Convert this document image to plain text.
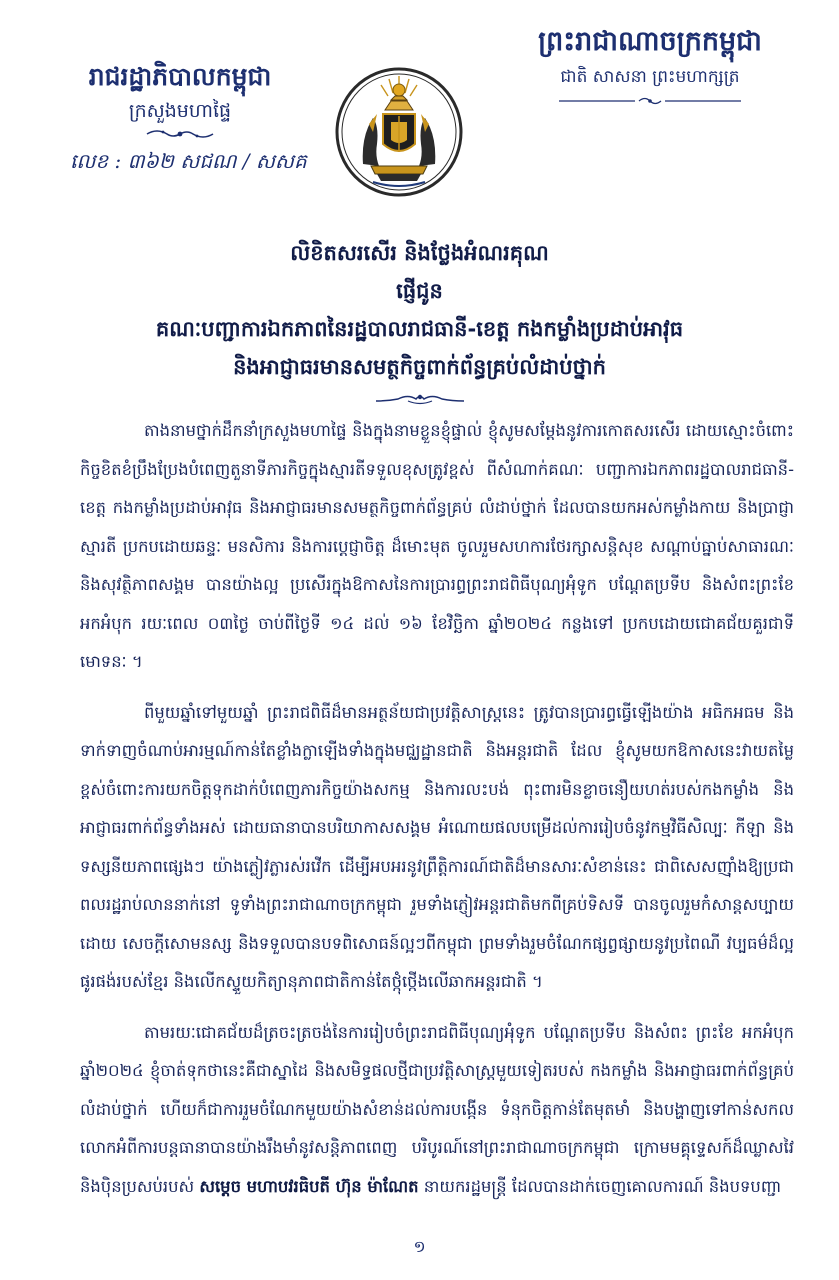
រាជរដ្ឋាភិបាលកម្ពុជា
ក្រសួងមហាផ្ទៃ
លេខ : ៣៦២ សជណ / សសគ
ព្រះរាជាណាចក្រកម្ពុជា
ជាតិ សាសនា ព្រះមហាក្សត្រ
លិខិតសរសើរ និងថ្លែងអំណរគុណ
ផ្ញើជូន
គណៈបញ្ជាការឯកភាពនៃរដ្ឋបាលរាជធានី-ខេត្ត កងកម្លាំងប្រដាប់អាវុធ
និងអាជ្ញាធរមានសមត្ថកិច្ចពាក់ព័ន្ធគ្រប់លំដាប់ថ្នាក់

តាងនាមថ្នាក់ដឹកនាំក្រសួងមហាផ្ទៃ និងក្នុងនាមខ្លួនខ្ញុំផ្ទាល់ ខ្ញុំសូមសម្ដែងនូវការកោតសរសើរ ដោយស្មោះចំពោះកិច្ចខិតខំប្រឹងប្រែងបំពេញតួនាទីភារកិច្ចក្នុងស្មារតីទទួលខុសត្រូវខ្ពស់ ពីសំណាក់គណៈ បញ្ជាការឯកភាពរដ្ឋបាលរាជធានី-ខេត្ត កងកម្លាំងប្រដាប់អាវុធ និងអាជ្ញាធរមានសមត្ថកិច្ចពាក់ព័ន្ធគ្រប់ លំដាប់ថ្នាក់ ដែលបានយកអស់កម្លាំងកាយ និងប្រាជ្ញាស្មារតី ប្រកបដោយឆន្ទៈ មនសិការ និងការប្ដេជ្ញាចិត្ត ដ៏មោះមុត ចូលរួមសហការថែរក្សាសន្តិសុខ សណ្ដាប់ធ្នាប់សាធារណៈ និងសុវត្ថិភាពសង្គម បានយ៉ាងល្អ ប្រសើរក្នុងឱកាសនៃការប្រារព្ធព្រះរាជពិធីបុណ្យអុំទូក បណ្ដែតប្រទីប និងសំពះព្រះខែ អកអំបុក រយៈពេល ០៣ថ្ងៃ ចាប់ពីថ្ងៃទី ១៤ ដល់ ១៦ ខែវិច្ឆិកា ឆ្នាំ២០២៤ កន្លងទៅ ប្រកបដោយជោគជ័យគួរជាទីមោទនៈ ។

ពីមួយឆ្នាំទៅមួយឆ្នាំ ព្រះរាជពិធីដ៏មានអត្ថន័យជាប្រវត្តិសាស្ត្រនេះ ត្រូវបានប្រារព្ធធ្វើឡើងយ៉ាង អធិកអធម និងទាក់ទាញចំណាប់អារម្មណ៍កាន់តែខ្លាំងក្លាឡើងទាំងក្នុងមជ្ឈដ្ឋានជាតិ និងអន្តរជាតិ ដែល ខ្ញុំសូមយកឱកាសនេះវាយតម្លៃខ្ពស់ចំពោះការយកចិត្តទុកដាក់បំពេញភារកិច្ចយ៉ាងសកម្ម និងការលះបង់ ពុះពារមិនខ្លាចនឿយហត់របស់កងកម្លាំង និងអាជ្ញាធរពាក់ព័ន្ធទាំងអស់ ដោយធានាបានបរិយាកាសសង្គម អំណោយផលបម្រើដល់ការរៀបចំនូវកម្មវិធីសិល្បៈ កីឡា និងទស្សនីយភាពផ្សេងៗ យ៉ាងភ្លៀវភ្លា​រស់រវើក ដើម្បីអបអរនូវព្រឹត្តិការណ៍ជាតិដ៏មានសារៈសំខាន់នេះ ជាពិសេសញ៉ាំងឱ្យប្រជាពលរដ្ឋរាប់លាននាក់នៅ ទូទាំងព្រះរាជាណាចក្រកម្ពុជា រួមទាំងភ្ញៀវអន្តរជាតិមកពីគ្រប់ទិសទី បានចូលរួមកំសាន្តសប្បាយដោយ សេចក្ដីសោមនស្ស និងទទួលបានបទពិសោធន៍ល្អៗពីកម្ពុជា ព្រមទាំងរួមចំណែកផ្សព្វផ្សាយនូវប្រពៃណី វប្បធម៌ដ៏ល្អផូរផង់របស់ខ្មែរ និងលើកស្ទួយកិត្យានុភាពជាតិកាន់តែថ្កុំថ្កើងលើឆាកអន្តរជាតិ ។

តាមរយៈជោគជ័យដ៏ត្រចះត្រចង់នៃការរៀបចំព្រះរាជពិធីបុណ្យអុំទូក បណ្ដែតប្រទីប និងសំពះ ព្រះខែ អកអំបុក ឆ្នាំ២០២៤ ខ្ញុំចាត់ទុកថានេះគឺជាស្នាដៃ និងសមិទ្ធផលថ្មីជាប្រវត្តិសាស្ត្រមួយទៀតរបស់ កងកម្លាំង និងអាជ្ញាធរពាក់ព័ន្ធគ្រប់លំដាប់ថ្នាក់ ហើយក៏ជាការរួមចំណែកមួយយ៉ាងសំខាន់ដល់ការបង្កើន ទំនុកចិត្តកាន់តែមុតមាំ និងបង្ហាញទៅកាន់សកលលោកអំពីការបន្តធានាបានយ៉ាងរឹងមាំនូវសន្តិភាពពេញ បរិបូរណ៍នៅព្រះរាជាណាចក្រកម្ពុជា ក្រោមមគ្គុទ្ទេសក៍ដ៏ឈ្លាសវៃ និងប៉ិនប្រសប់របស់ សម្ដេច មហាបវរធិបតី ហ៊ុន ម៉ាណែត នាយករដ្ឋមន្ត្រី ដែលបានដាក់ចេញគោលការណ៍ និងបទបញ្ជា

១
